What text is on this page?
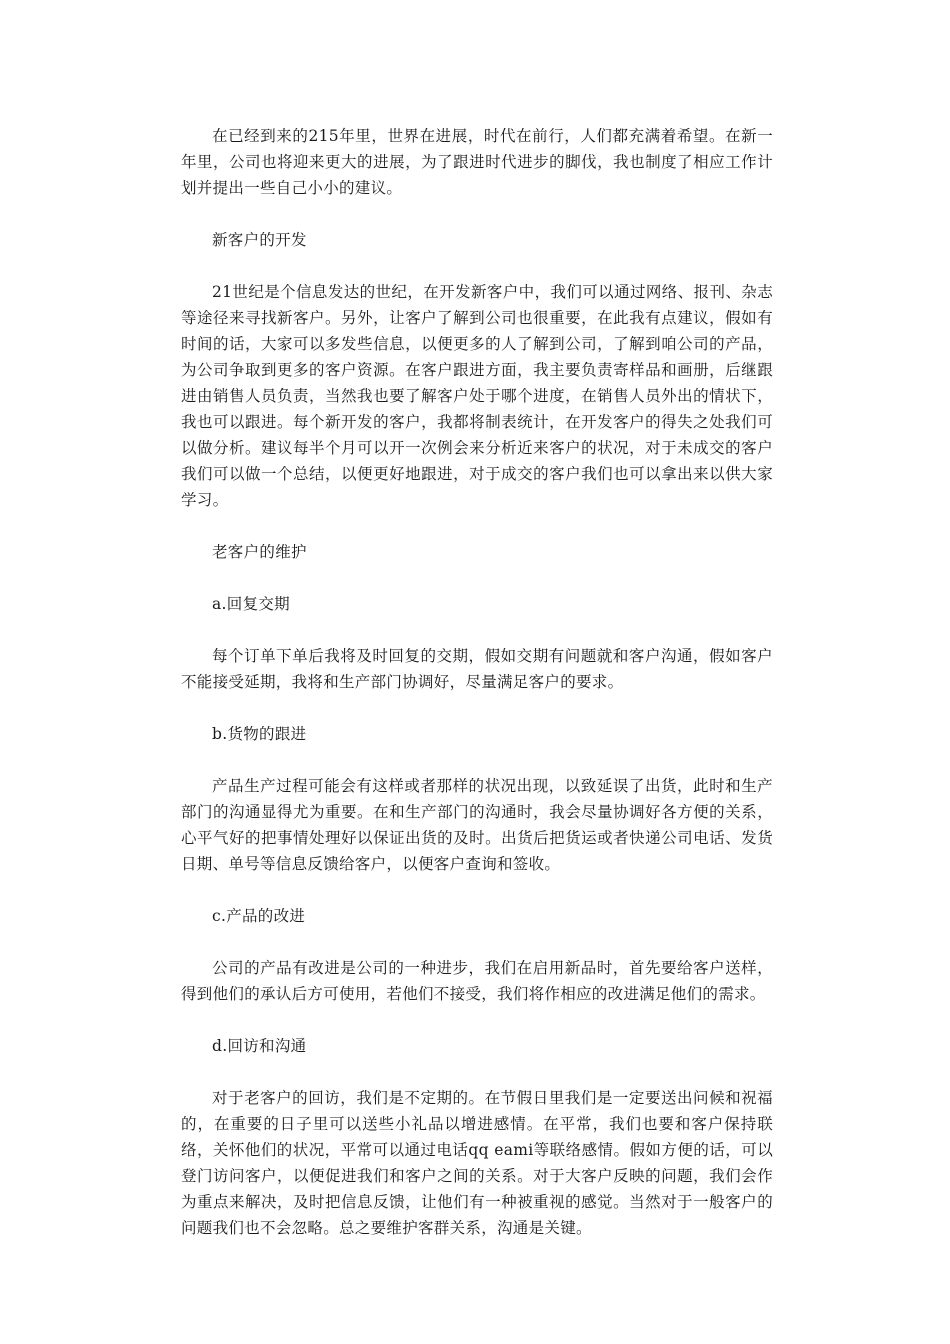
在已经到来的215年里，世界在进展，时代在前行，人们都充满着希望。在新一年里，公司也将迎来更大的进展，为了跟进时代进步的脚伐，我也制度了相应工作计划并提出一些自己小小的建议。

新客户的开发

21世纪是个信息发达的世纪，在开发新客户中，我们可以通过网络、报刊、杂志等途径来寻找新客户。另外，让客户了解到公司也很重要，在此我有点建议，假如有时间的话，大家可以多发些信息，以便更多的人了解到公司，了解到咱公司的产品，为公司争取到更多的客户资源。在客户跟进方面，我主要负责寄样品和画册，后继跟进由销售人员负责，当然我也要了解客户处于哪个进度，在销售人员外出的情状下，我也可以跟进。每个新开发的客户，我都将制表统计，在开发客户的得失之处我们可以做分析。建议每半个月可以开一次例会来分析近来客户的状况，对于未成交的客户我们可以做一个总结，以便更好地跟进，对于成交的客户我们也可以拿出来以供大家学习。

老客户的维护

a.回复交期

每个订单下单后我将及时回复的交期，假如交期有问题就和客户沟通，假如客户不能接受延期，我将和生产部门协调好，尽量满足客户的要求。

b.货物的跟进

产品生产过程可能会有这样或者那样的状况出现，以致延误了出货，此时和生产部门的沟通显得尤为重要。在和生产部门的沟通时，我会尽量协调好各方便的关系，心平气好的把事情处理好以保证出货的及时。出货后把货运或者快递公司电话、发货日期、单号等信息反馈给客户，以便客户查询和签收。

c.产品的改进

公司的产品有改进是公司的一种进步，我们在启用新品时，首先要给客户送样，得到他们的承认后方可使用，若他们不接受，我们将作相应的改进满足他们的需求。

d.回访和沟通

对于老客户的回访，我们是不定期的。在节假日里我们是一定要送出问候和祝福的，在重要的日子里可以送些小礼品以增进感情。在平常，我们也要和客户保持联络，关怀他们的状况，平常可以通过电话qq eami等联络感情。假如方便的话，可以登门访问客户，以便促进我们和客户之间的关系。对于大客户反映的问题，我们会作为重点来解决，及时把信息反馈，让他们有一种被重视的感觉。当然对于一般客户的问题我们也不会忽略。总之要维护客群关系，沟通是关键。
